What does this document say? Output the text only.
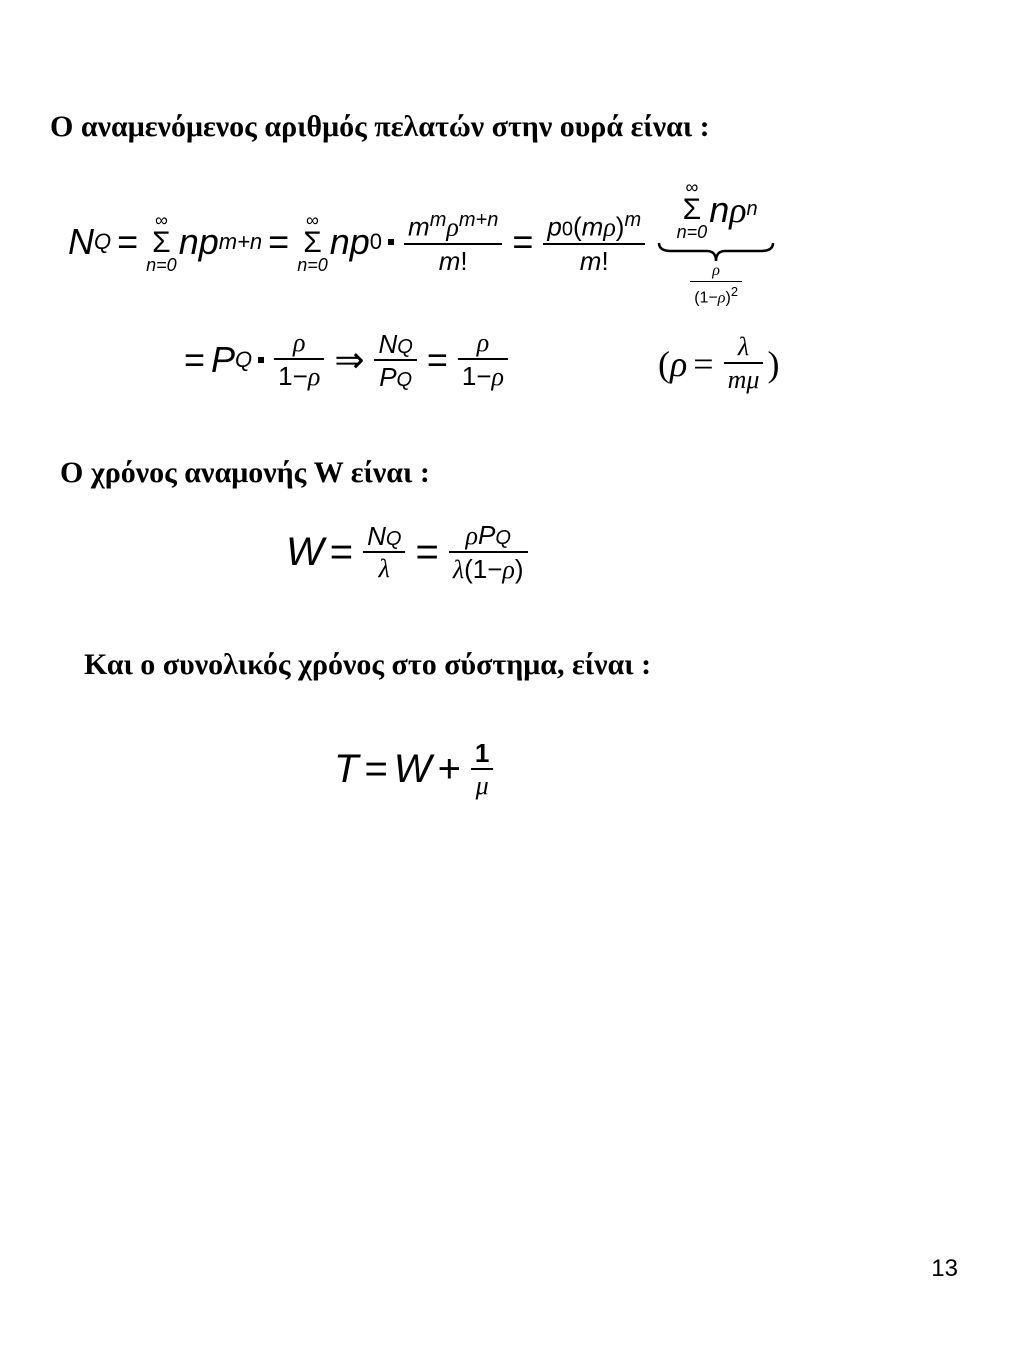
Ο αναμενόμενος αριθμός πελατών στην ουρά είναι :
N Q =
∞
Σ
n=0
np m+n =
∞
Σ
n=0
np $0 \frac{m^m\rho^{m+n}}{m!} = \frac{p0(m\rho)^m}{m!}$
∞
Σ
n=0
n ρ n
$\frac{\rho}{(1-\rho)^2}$
= P Q $\frac{\rho}{1-\rho}$ ⇒ $\frac{NQ}{PQ} = \frac{\rho}{1-\rho}$	( $\rho = \frac{\lambda}{m\mu}$ )
Ο χρόνος αναμονής W είναι :
$W = \frac{NQ}{\lambda} = \frac{\text{ρPQ}}{\lambda(1-\rho)}$
Και ο συνολικός χρόνος στο σύστημα, είναι :
$T = W + \frac{1}{\mu}$
13
